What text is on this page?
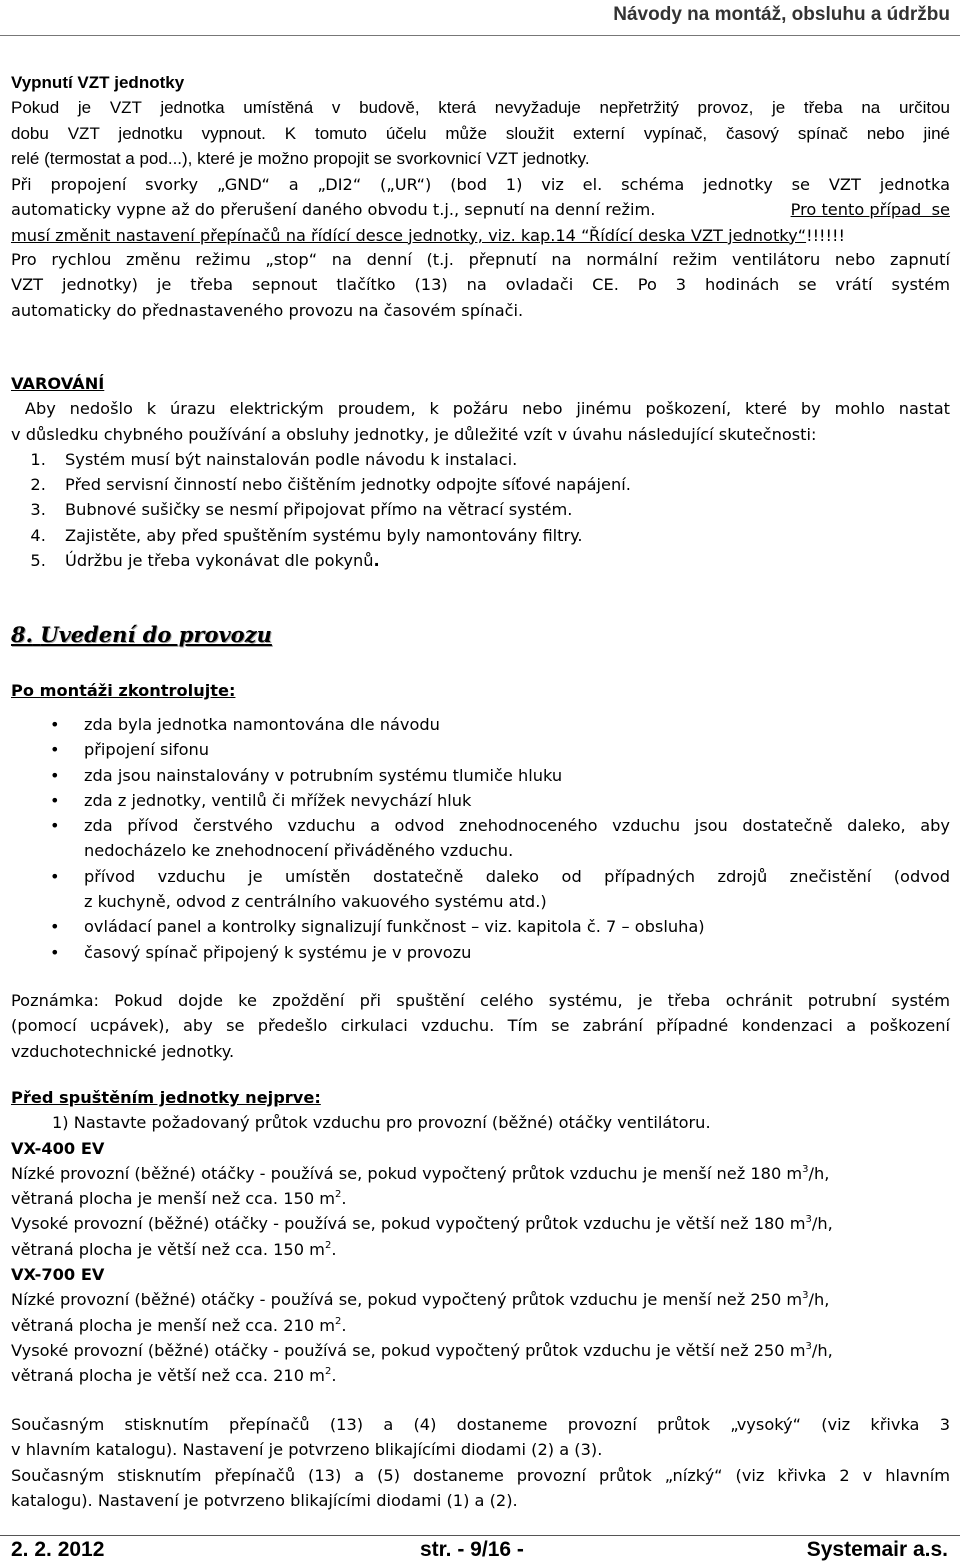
Návody na montáž, obsluhu a údržbu
Vypnutí VZT jednotky
Pokud je VZT jednotka umístěná v budově, která nevyžaduje nepřetržitý provoz, je třeba na určitou
dobu VZT jednotku vypnout. K tomuto účelu může sloužit externí vypínač, časový spínač nebo jiné
relé (termostat a pod...), které je možno propojit se svorkovnicí VZT jednotky.
Při propojení svorky „GND“ a „DI2“ („UR“) (bod 1) viz el. schéma jednotky se VZT jednotka
automaticky vypne až do přerušení daného obvodu t.j., sepnutí na denní režim.	Pro tento případ  se
musí změnit nastavení přepínačů na řídící desce jednotky, viz. kap.14 “Řídící deska VZT jednotky“!!!!!!
Pro rychlou změnu režimu „stop“ na denní (t.j. přepnutí na normální režim ventilátoru nebo zapnutí
VZT jednotky) je třeba sepnout tlačítko (13) na ovladači CE. Po 3 hodinách se vrátí systém
automaticky do přednastaveného provozu na časovém spínači.
VAROVÁNÍ
Aby nedošlo k úrazu elektrickým proudem, k požáru nebo jinému poškození, které by mohlo nastat
v důsledku chybného používání a obsluhy jednotky, je důležité vzít v úvahu následující skutečnosti:
1. Systém musí být nainstalován podle návodu k instalaci.
2. Před servisní činností nebo čištěním jednotky odpojte síťové napájení.
3. Bubnové sušičky se nesmí připojovat přímo na větrací systém.
4. Zajistěte, aby před spuštěním systému byly namontovány filtry.
5. Údržbu je třeba vykonávat dle pokynů.
8. Uvedení do provozu
Po montáži zkontrolujte:
• zda byla jednotka namontována dle návodu
• připojení sifonu
• zda jsou nainstalovány v potrubním systému tlumiče hluku
• zda z jednotky, ventilů či mřížek nevychází hluk
• zda přívod čerstvého vzduchu a odvod znehodnoceného vzduchu jsou dostatečně daleko, aby
nedocházelo ke znehodnocení přiváděného vzduchu.
• přívod vzduchu je umístěn dostatečně daleko od případných zdrojů znečistění (odvod
z kuchyně, odvod z centrálního vakuového systému atd.)
• ovládací panel a kontrolky signalizují funkčnost – viz. kapitola č. 7 – obsluha)
• časový spínač připojený k systému je v provozu
Poznámka: Pokud dojde ke zpoždění při spuštění celého systému, je třeba ochránit potrubní systém
(pomocí ucpávek), aby se předešlo cirkulaci vzduchu. Tím se zabrání případné kondenzaci a poškození
vzduchotechnické jednotky.
Před spuštěním jednotky nejprve:
1) Nastavte požadovaný průtok vzduchu pro provozní (běžné) otáčky ventilátoru.
VX-400 EV
Nízké provozní (běžné) otáčky - používá se, pokud vypočtený průtok vzduchu je menší než 180 $m^3/h$,
větraná plocha je menší než cca. 150 $m^2$.
Vysoké provozní (běžné) otáčky - používá se, pokud vypočtený průtok vzduchu je větší než 180 $m^3/h$,
větraná plocha je větší než cca. 150 $m^2$.
VX-700 EV
Nízké provozní (běžné) otáčky - používá se, pokud vypočtený průtok vzduchu je menší než 250 $m^3/h$,
větraná plocha je menší než cca. 210 $m^2$.
Vysoké provozní (běžné) otáčky - používá se, pokud vypočtený průtok vzduchu je větší než 250 $m^3/h$,
větraná plocha je větší než cca. 210 $m^2$.
Současným stisknutím přepínačů (13) a (4) dostaneme provozní průtok „vysoký“ (viz křivka 3
v hlavním katalogu). Nastavení je potvrzeno blikajícími diodami (2) a (3).
Současným stisknutím přepínačů (13) a (5) dostaneme provozní průtok „nízký“ (viz křivka 2 v hlavním
katalogu). Nastavení je potvrzeno blikajícími diodami (1) a (2).
2. 2. 2012	str. - 9/16 -	Systemair a.s.
